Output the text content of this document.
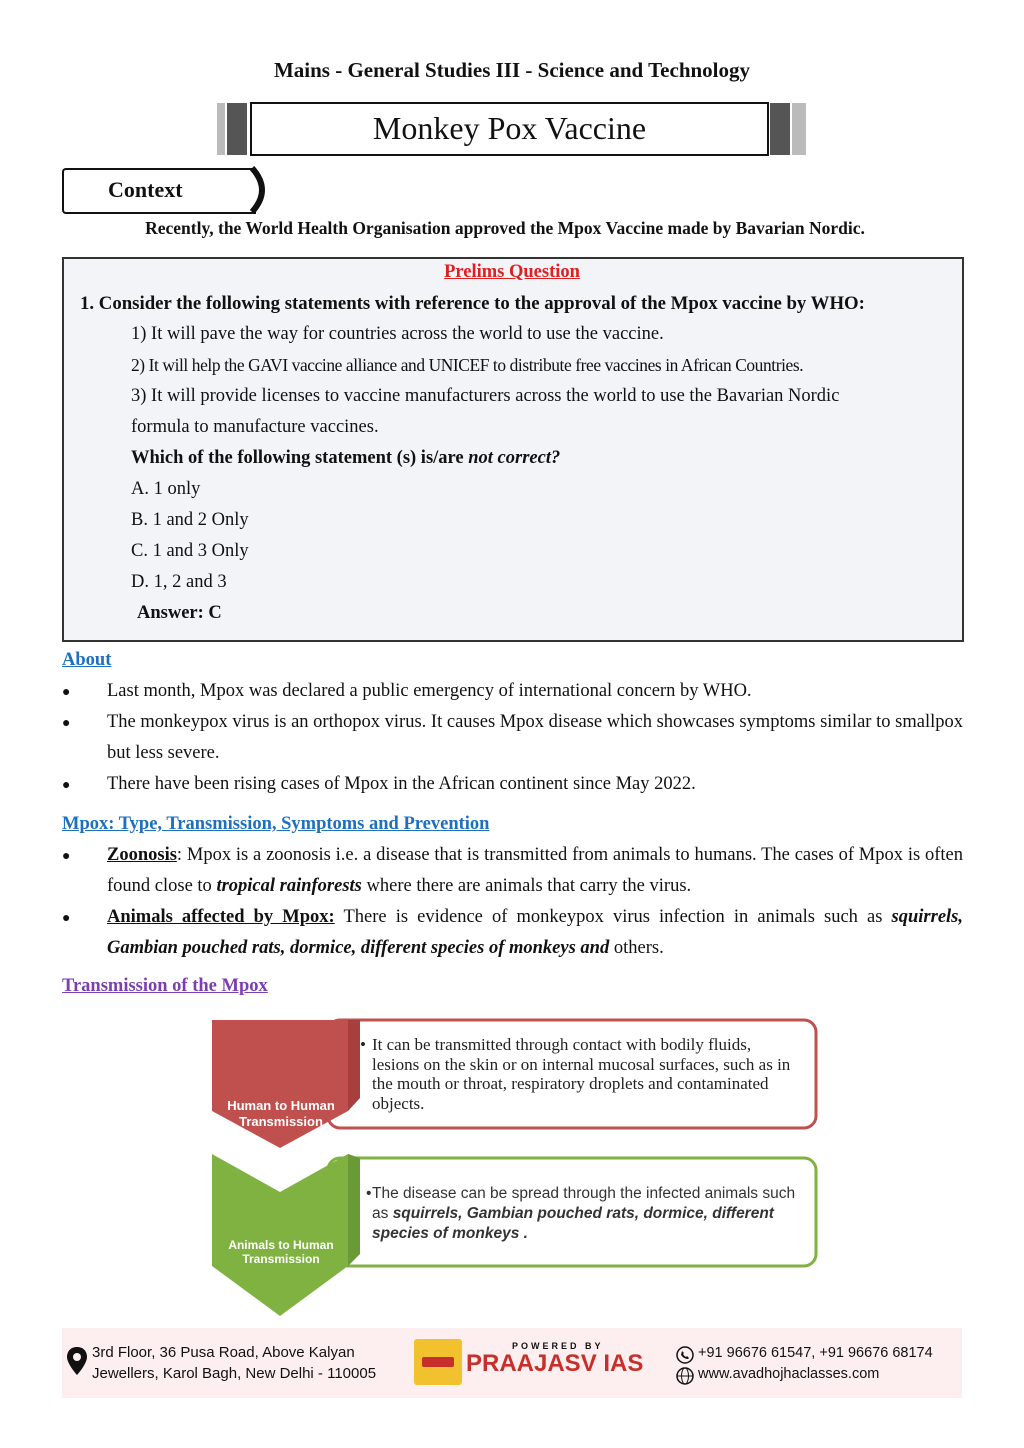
Mains - General Studies III - Science and Technology
Monkey Pox Vaccine
Context
Recently, the World Health Organisation approved the Mpox Vaccine made by Bavarian Nordic.
Prelims Question
1. Consider the following statements with reference to the approval of the Mpox vaccine by WHO:
1) It will pave the way for countries across the world to use the vaccine.
2) It will help the GAVI vaccine alliance and UNICEF to distribute free vaccines in African Countries.
3) It will provide licenses to vaccine manufacturers across the world to use the Bavarian Nordic
formula to manufacture vaccines.
Which of the following statement (s) is/are not correct?
A. 1 only
B. 1 and 2 Only
C. 1 and 3 Only
D. 1, 2 and 3
Answer: C
About
● Last month, Mpox was declared a public emergency of international concern by WHO.
● The monkeypox virus is an orthopox virus. It causes Mpox disease which showcases symptoms similar to smallpox but less severe.
● There have been rising cases of Mpox in the African continent since May 2022.
Mpox: Type, Transmission, Symptoms and Prevention
● Zoonosis: Mpox is a zoonosis i.e. a disease that is transmitted from animals to humans. The cases of Mpox is often found close to tropical rainforests where there are animals that carry the virus.
● Animals affected by Mpox: There is evidence of monkeypox virus infection in animals such as squirrels, Gambian pouched rats, dormice, different species of monkeys and others.
Transmission of the Mpox
Human to Human
Transmission
• It can be transmitted through contact with bodily fluids, lesions on the skin or on internal mucosal surfaces, such as in the mouth or throat, respiratory droplets and contaminated objects.
Animals to Human
Transmission
• The disease can be spread through the infected animals such as squirrels, Gambian pouched rats, dormice, different species of monkeys .
3rd Floor, 36 Pusa Road, Above Kalyan
Jewellers, Karol Bagh, New Delhi - 110005
POWERED BY
PRAAJASV IAS	+91 96676 61547, +91 96676 68174
www.avadhojhaclasses.com
